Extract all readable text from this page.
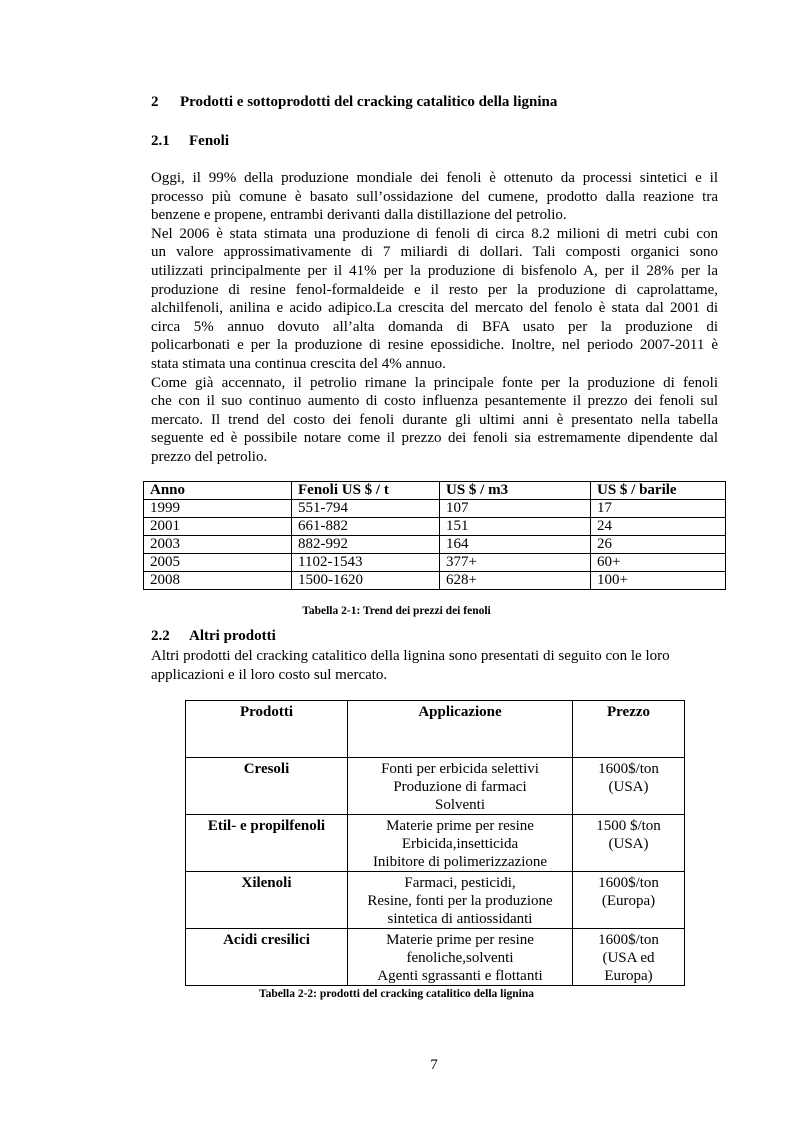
2 Prodotti e sottoprodotti del cracking catalitico della lignina
2.1 Fenoli
Oggi, il 99% della produzione mondiale dei fenoli è ottenuto da processi sintetici e il
processo più comune è basato sull’ossidazione del cumene, prodotto dalla reazione tra
benzene e propene, entrambi derivanti dalla distillazione del petrolio.
Nel 2006 è stata stimata una produzione di fenoli di circa 8.2 milioni di metri cubi con
un valore approssimativamente di 7 miliardi di dollari. Tali composti organici sono
utilizzati principalmente per il 41% per la produzione di bisfenolo A, per il 28% per la
produzione di resine fenol-formaldeide e il resto per la produzione di caprolattame,
alchilfenoli, anilina e acido adipico.La crescita del mercato del fenolo è stata dal 2001 di
circa 5% annuo dovuto all’alta domanda di BFA usato per la produzione di
policarbonati e per la produzione di resine epossidiche. Inoltre, nel periodo 2007-2011 è
stata stimata una continua crescita del 4% annuo.
Come già accennato, il petrolio rimane la principale fonte per la produzione di fenoli
che con il suo continuo aumento di costo influenza pesantemente il prezzo dei fenoli sul
mercato. Il trend del costo dei fenoli durante gli ultimi anni è presentato nella tabella
seguente ed è possibile notare come il prezzo dei fenoli sia estremamente dipendente dal
prezzo del petrolio.
Anno	Fenoli US $ / t	US $ / m3	US $ / barile
1999	551-794	107	17
2001	661-882	151	24
2003	882-992	164	26
2005	1102-1543	377+	60+
2008	1500-1620	628+	100+
Tabella 2-1: Trend dei prezzi dei fenoli
2.2 Altri prodotti
Altri prodotti del cracking catalitico della lignina sono presentati di seguito con le loro
applicazioni e il loro costo sul mercato.
Prodotti	Applicazione	Prezzo
Cresoli	Fonti per erbicida selettivi
Produzione di farmaci
Solventi	1600$/ton
(USA)

Etil- e propilfenoli	Materie prime per resine
Erbicida,insetticida
Inibitore di polimerizzazione	1500 $/ton
(USA)

Xilenoli	Farmaci, pesticidi,
Resine, fonti per la produzione
sintetica di antiossidanti	1600$/ton
(Europa)

Acidi cresilici	Materie prime per resine
fenoliche,solventi
Agenti sgrassanti e flottanti	1600$/ton
(USA ed
Europa)
Tabella 2-2: prodotti del cracking catalitico della lignina
7
